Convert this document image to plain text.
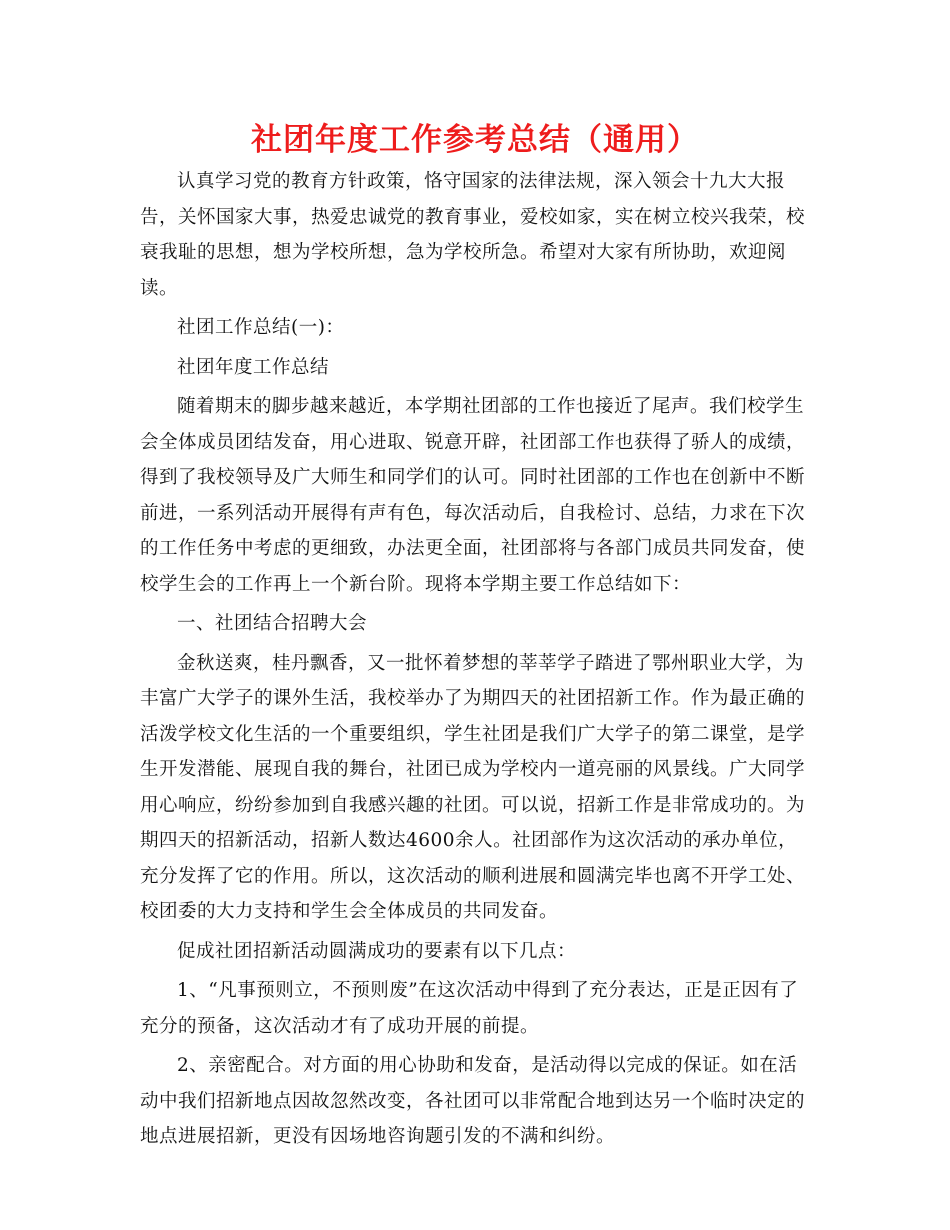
社团年度工作参考总结（通用）

认真学习党的教育方针政策，恪守国家的法律法规，深入领会十九大大报告，关怀国家大事，热爱忠诚党的教育事业，爱校如家，实在树立校兴我荣，校衰我耻的思想，想为学校所想，急为学校所急。希望对大家有所协助，欢迎阅读。

社团工作总结(一)：

社团年度工作总结

随着期末的脚步越来越近，本学期社团部的工作也接近了尾声。我们校学生会全体成员团结发奋，用心进取、锐意开辟，社团部工作也获得了骄人的成绩，得到了我校领导及广大师生和同学们的认可。同时社团部的工作也在创新中不断前进，一系列活动开展得有声有色，每次活动后，自我检讨、总结，力求在下次的工作任务中考虑的更细致，办法更全面，社团部将与各部门成员共同发奋，使校学生会的工作再上一个新台阶。现将本学期主要工作总结如下：

一、社团结合招聘大会

金秋送爽，桂丹飘香，又一批怀着梦想的莘莘学子踏进了鄂州职业大学，为丰富广大学子的课外生活，我校举办了为期四天的社团招新工作。作为最正确的活泼学校文化生活的一个重要组织，学生社团是我们广大学子的第二课堂，是学生开发潜能、展现自我的舞台，社团已成为学校内一道亮丽的风景线。广大同学用心响应，纷纷参加到自我感兴趣的社团。可以说，招新工作是非常成功的。为期四天的招新活动，招新人数达4600余人。社团部作为这次活动的承办单位，充分发挥了它的作用。所以，这次活动的顺利进展和圆满完毕也离不开学工处、校团委的大力支持和学生会全体成员的共同发奋。

促成社团招新活动圆满成功的要素有以下几点：

1、“凡事预则立，不预则废”在这次活动中得到了充分表达，正是正因有了充分的预备，这次活动才有了成功开展的前提。

2、亲密配合。对方面的用心协助和发奋，是活动得以完成的保证。如在活动中我们招新地点因故忽然改变，各社团可以非常配合地到达另一个临时决定的地点进展招新，更没有因场地咨询题引发的不满和纠纷。
